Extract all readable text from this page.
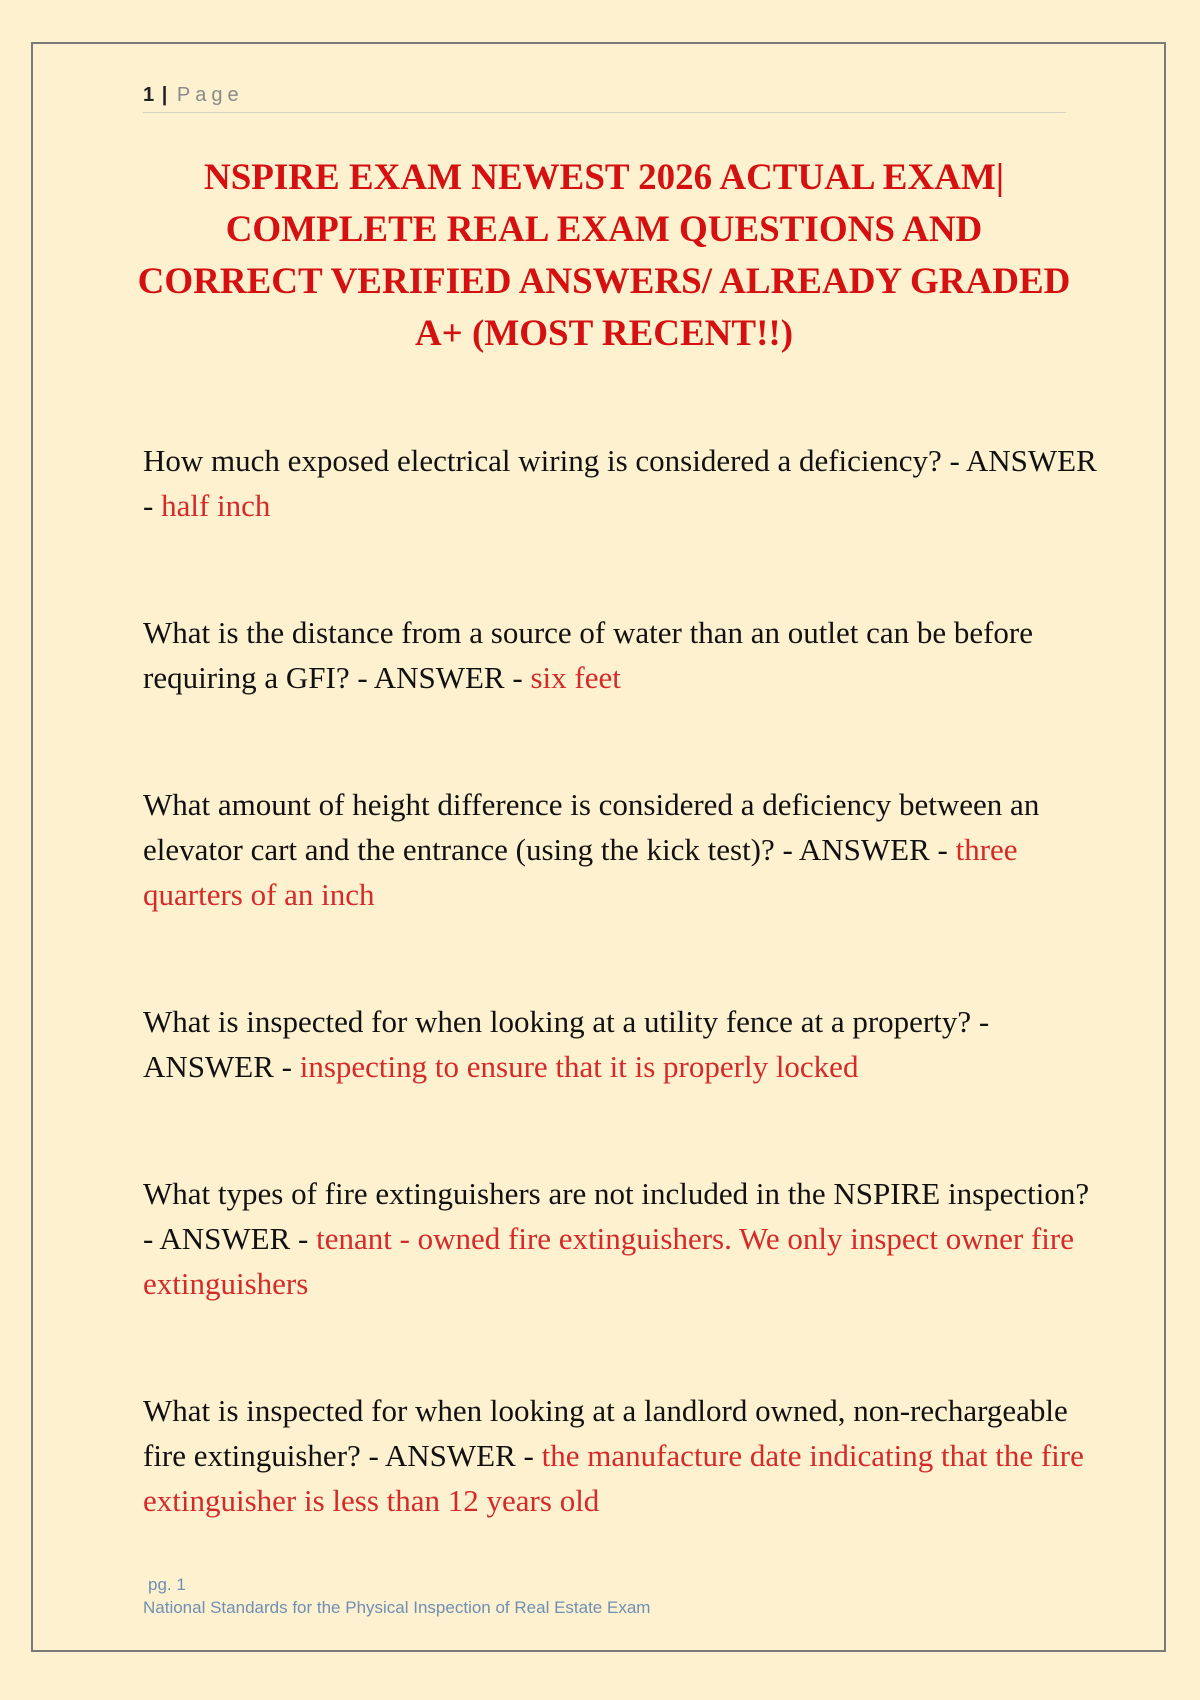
1 | Page
NSPIRE EXAM NEWEST 2026 ACTUAL EXAM| COMPLETE REAL EXAM QUESTIONS AND CORRECT VERIFIED ANSWERS/ ALREADY GRADED A+ (MOST RECENT!!)

How much exposed electrical wiring is considered a deficiency? - ANSWER - half inch

What is the distance from a source of water than an outlet can be before requiring a GFI? - ANSWER - six feet

What amount of height difference is considered a deficiency between an elevator cart and the entrance (using the kick test)? - ANSWER - three quarters of an inch

What is inspected for when looking at a utility fence at a property? - ANSWER - inspecting to ensure that it is properly locked

What types of fire extinguishers are not included in the NSPIRE inspection? - ANSWER - tenant - owned fire extinguishers. We only inspect owner fire extinguishers

What is inspected for when looking at a landlord owned, non-rechargeable fire extinguisher? - ANSWER - the manufacture date indicating that the fire extinguisher is less than 12 years old

pg. 1
National Standards for the Physical Inspection of Real Estate Exam
